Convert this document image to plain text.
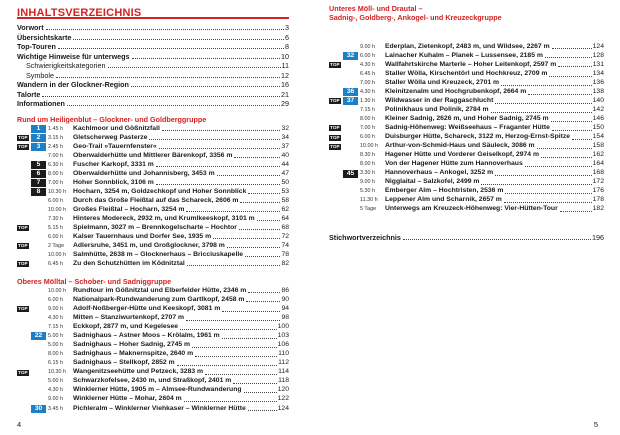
INHALTSVERZEICHNIS
Vorwort	3
Übersichtskarte	6
Top-Touren	8
Wichtige Hinweise für unterwegs	10
Schwierigkeitskategorien	11
Symbole	12
Wandern in der Glockner-Region	16
Talorte	21
Informationen	29
Rund um Heiligenblut – Glockner- und Goldberggruppe
1	1.45 h	Kachlmoor und Gößnitzfall	32
TOP	2	3.15 h	Gletscherweg Pasterze	34
TOP	3	2.45 h	Geo-Trail »Tauernfenster«	37
4	7.00 h	Oberwalderhütte und Mittlerer Bärenkopf, 3356 m	40
5	6.30 h	Fuscher Karkopf, 3331 m	44
6	8.00 h	Oberwalderhütte und Johannisberg, 3453 m	47
7	7.00 h	Hoher Sonnblick, 3106 m	50
8	10.30 h	Hocharn, 3254 m, Goldzechkopf und Hoher Sonnblick	53
9	6.00 h	Durch das Große Fleißtal auf das Schareck, 2606 m	58
10	10.00 h	Großes Fleißtal – Hocharn, 3254 m	62
11	7.30 h	Hinteres Modereck, 2932 m, und Krumlkeeskopf, 3101 m	64
TOP	12	5.15 h	Spielmann, 3027 m – Brennkogelscharte – Hochtor	68
13	6.00 h	Kalser Tauernhaus und Dorfer See, 1935 m	72
TOP	14	2 Tage	Adlersruhe, 3451 m, und Großglockner, 3798 m	74
15	10.00 h	Salmhütte, 2638 m – Glocknerhaus – Bricciuskapelle	78
TOP	16	6.45 h	Zu den Schutzhütten im Ködnitztal	82
Oberes Mölltal – Schober- und Sadniggruppe
17	10.00 h	Rundtour im Gößnitztal und Elberfelder Hütte, 2346 m	86
18	6.00 h	Nationalpark-Rundwanderung zum Gartlkopf, 2458 m	90
TOP	19	9.00 h	Adolf-Noßberger-Hütte und Keeskopf, 3081 m	94
20	4.30 h	Mitten – Stanziwurtenkopf, 2707 m	98
21	7.15 h	Eckkopf, 2877 m, und Kegelesee	100
22	5.00 h	Sadnighaus – Astner Moos – Krölalm, 1961 m	103
23	5.00 h	Sadnighaus – Hoher Sadnig, 2745 m	106
24	8.00 h	Sadnighaus – Maknernspitze, 2640 m	110
25	6.15 h	Sadnighaus – Stellkopf, 2852 m	112
TOP	26	10.30 h	Wangenitzseehütte und Petzeck, 3283 m	114
27	5.00 h	Schwarzkofelsee, 2430 m, und Straßkopf, 2401 m	118
28	4.30 h	Winklerner Hütte, 1905 m – Almsee-Rundwanderung	120
29	9.00 h	Winklerner Hütte – Mohar, 2604 m	122
30	3.45 h	Pichleralm – Winklerner Viehkaser – Winklerner Hütte	124
Unteres Möll- und Drautal –
Sadnig-, Goldberg-, Ankogel- und Kreuzeckgruppe
31	9.00 h	Ederplan, Zietenkopf, 2483 m, und Wildsee, 2267 m	124
32	6.00 h	Lainacher Kuhalm – Planek – Lussensee, 2185 m	128
TOP	33	4.30 h	Wallfahrtskirche Marterle – Hoher Leitenkopf, 2597 m	131
34	6.45 h	Staller Wölla, Kirschentörl und Hochkreuz, 2709 m	134
35	7.00 h	Staller Wölla und Kreuzeck, 2701 m	136
36	4.30 h	Kleinitzenalm und Hochgrubenkopf, 2664 m	138
TOP	37	1.30 h	Wildwasser in der Raggaschlucht	140
38	7.15 h	Polinikhaus und Polinik, 2784 m	142
39	8.00 h	Kleiner Sadnig, 2626 m, und Hoher Sadnig, 2745 m	146
TOP	40	7.00 h	Sadnig-Höhenweg: Weißseehaus – Fraganter Hütte	150
TOP	41	6.00 h	Duisburger Hütte, Schareck, 3122 m, Herzog-Ernst-Spitze	154
TOP	42	10.00 h	Arthur-von-Schmid-Haus und Säuleck, 3086 m	158
43	8.30 h	Hagener Hütte und Vorderer Geiselkopf, 2974 m	162
44	8.00 h	Von der Hagener Hütte zum Hannoverhaus	164
45	3.30 h	Hannoverhaus – Ankogel, 3252 m	168
46	9.00 h	Nigglaital – Salzkofel, 2499 m	172
47	5.30 h	Emberger Alm – Hochtristen, 2536 m	176
48	11.30 h	Leppener Alm und Scharnik, 2657 m	178
49	5 Tage	Unterwegs am Kreuzeck-Höhenweg: Vier-Hütten-Tour	182
Stichwortverzeichnis	196
4	5
